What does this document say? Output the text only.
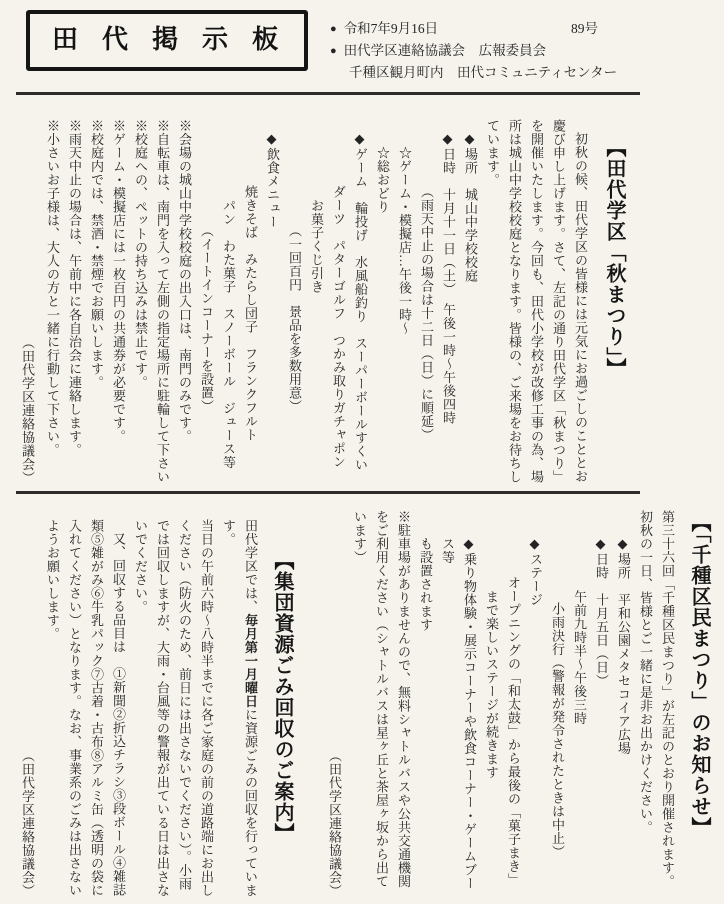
田代掲示板	● 令和7年9月16日	89号
● 田代学区連絡協議会　広報委員会
千種区観月町内　田代コミュニティセンター
【田代学区「秋まつり」】

初秋の候、田代学区の皆様には元気にお過ごしのこととお慶び申し上げます。さて、左記の通り田代学区「秋まつり」を開催いたします。今回も、田代小学校が改修工事の為、場所は城山中学校校庭となります。皆様の、ご来場をお待ちしています。

◆場所　城山中学校校庭

◆日時　十月十一日（土）　午後一時〜午後四時

（雨天中止の場合は十二日（日）に順延）

☆ゲーム・模擬店…午後一時〜

☆総おどり

◆ゲーム　輪投げ　水風船釣り　スーパーボールすくい

ダーツ　パターゴルフ　つかみ取りガチャポン

お菓子くじ引き

（一回百円　景品を多数用意）

◆飲食メニュー

焼きそば　みたらし団子　フランクフルト

パン　わた菓子　スノーボール　ジュース等

（イートインコーナーを設置）

※会場の城山中学校校庭の出入口は、南門のみです。

※自転車は、南門を入って左側の指定場所に駐輪して下さい

※校庭への、ペットの持ち込みは禁止です。

※ゲーム・模擬店には一枚百円の共通券が必要です。

※校庭内では、禁酒・禁煙でお願いします。

※雨天中止の場合は、午前中に各自治会に連絡します。

※小さいお子様は、大人の方と一緒に行動して下さい。

（田代学区連絡協議会）

【「千種区民まつり」のお知らせ】

第三十六回「千種区民まつり」が左記のとおり開催されます。

初秋の一日、皆様とご一緒に是非お出かけください。

◆場所　平和公園メタセコイア広場

◆日時　十月五日（日）

午前九時半〜午後三時

小雨決行（警報が発令されたときは中止）

◆ステージ

オープニングの「和太鼓」から最後の「菓子まき」

まで楽しいステージが続きます

◆乗り物体験・展示コーナーや飲食コーナー・ゲームブース等

も設置されます

※駐車場がありませんので、無料シャトルバスや公共交通機関をご利用ください（シャトルバスは星ヶ丘と茶屋ヶ坂から出ています）

（田代学区連絡協議会）

【集団資源ごみ回収のご案内】

田代学区では、毎月第一月曜日に資源ごみの回収を行っています。

当日の午前六時〜八時半までに各ご家庭の前の道路端にお出しください（防火のため、前日には出さないでください）。小雨では回収しますが、大雨・台風等の警報が出ている日は出さないでください。

又、回収する品目は　①新聞②折込チラシ③段ボール④雑誌類⑤雑がみ⑥牛乳パック⑦古着・古布⑧アルミ缶（透明の袋に入れてください）となります。なお、事業系のごみは出さないようお願いします。

（田代学区連絡協議会）
